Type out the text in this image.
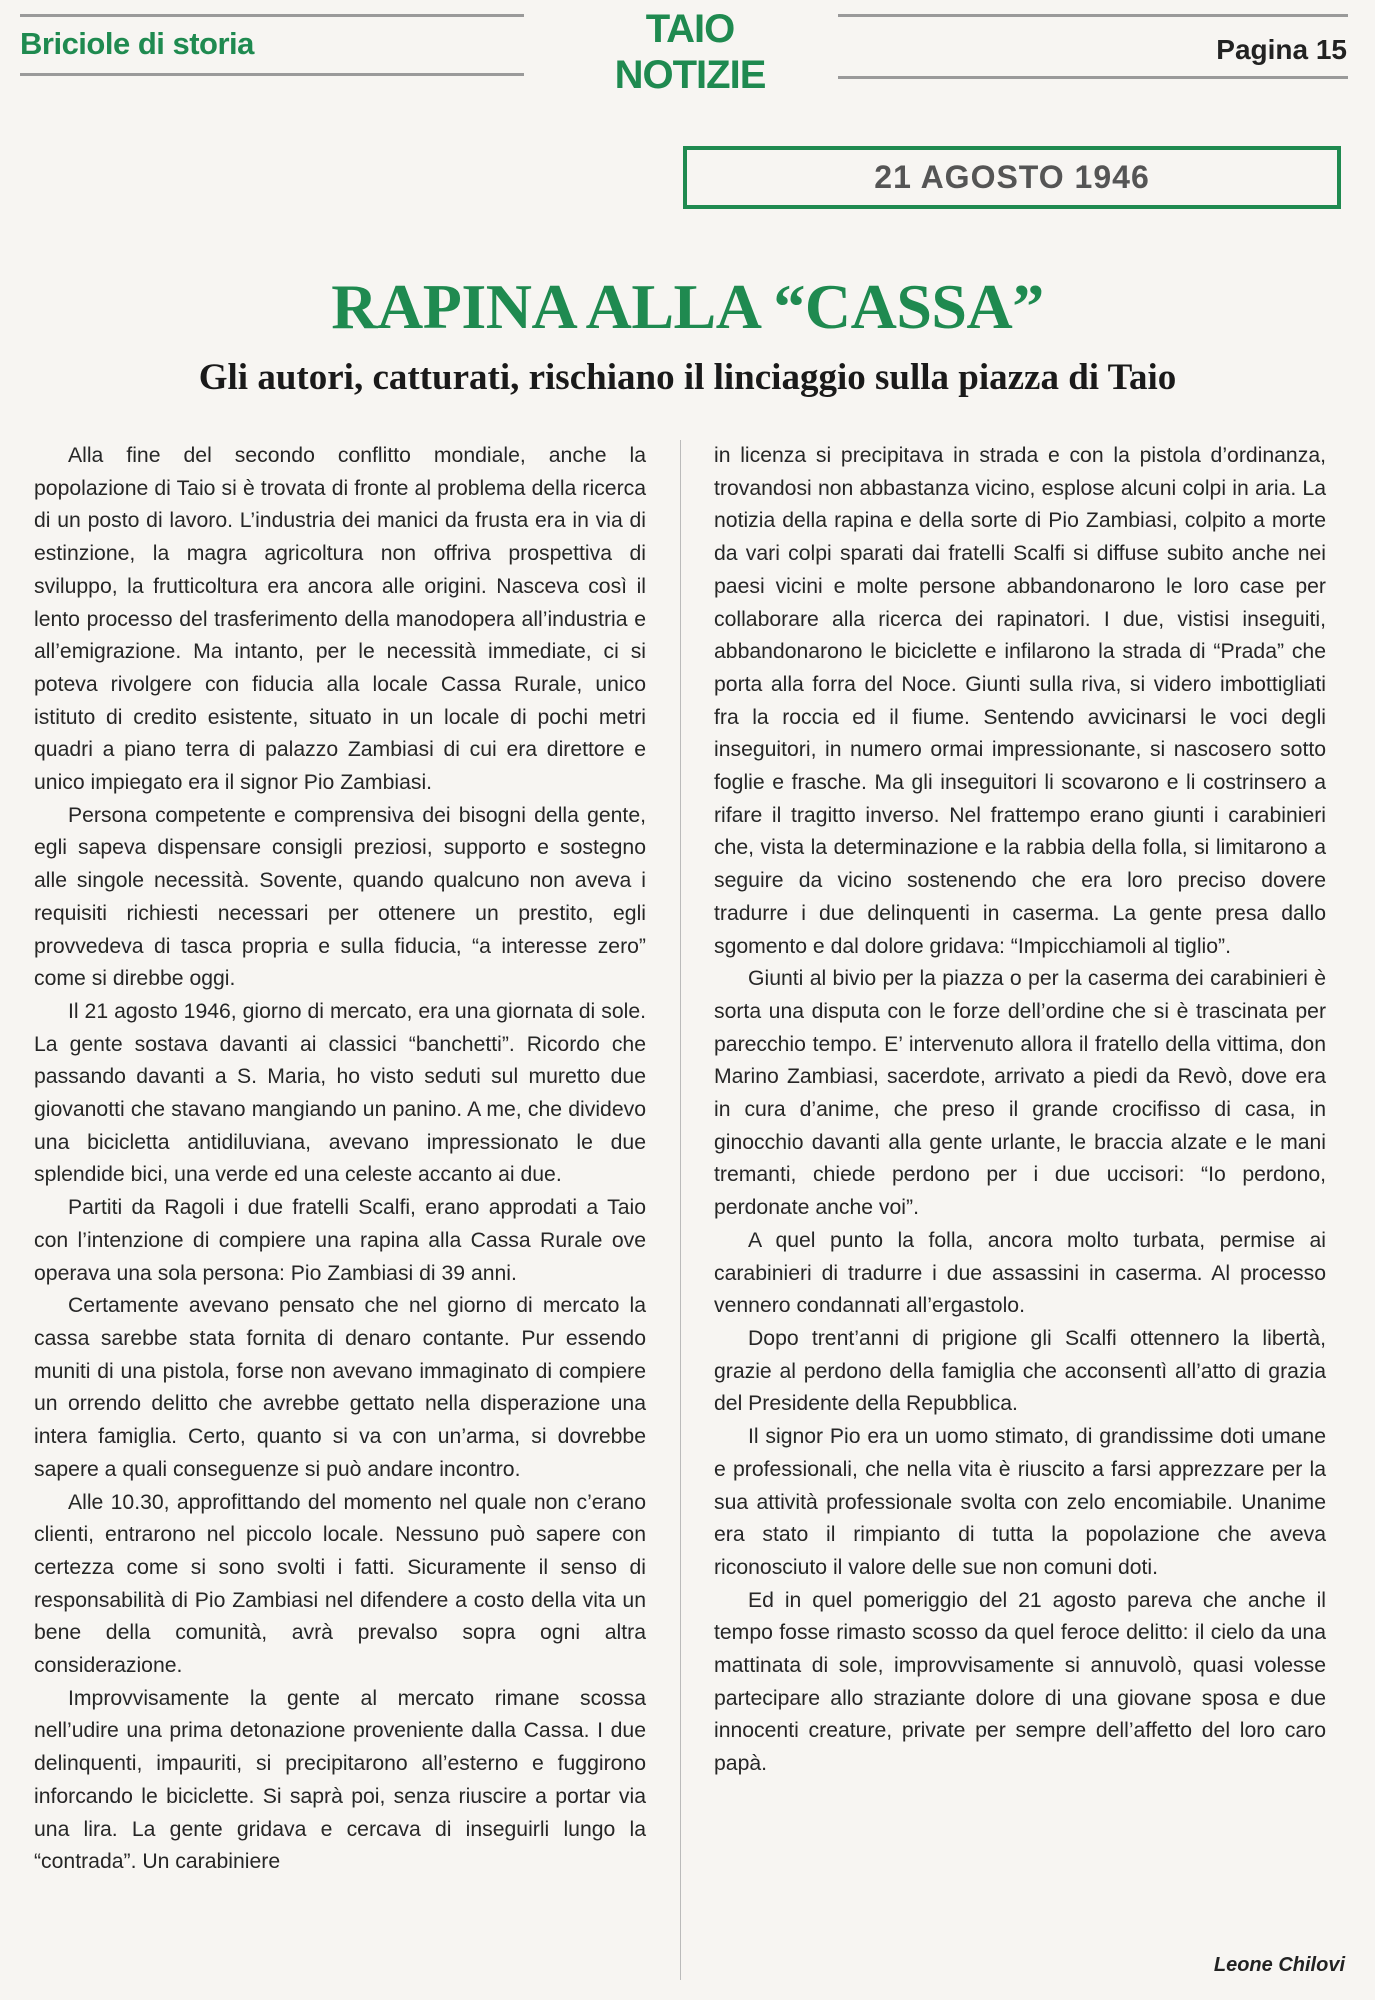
Briciole di storia	TAIO
NOTIZIE
Pagina 15
21 AGOSTO 1946
RAPINA ALLA “CASSA”
Gli autori, catturati, rischiano il linciaggio sulla piazza di Taio

Alla fine del secondo conflitto mondiale, anche la popolazione di Taio si è trovata di fronte al problema della ricerca di un posto di lavoro. L’industria dei manici da frusta era in via di estinzione, la magra agricoltura non offriva prospettiva di sviluppo, la frutticoltura era ancora alle origini. Nasceva così il lento processo del trasferimento della manodopera all’industria e all’emigrazione. Ma intanto, per le necessità immediate, ci si poteva rivolgere con fiducia alla locale Cassa Rurale, unico istituto di credito esistente, situato in un locale di pochi metri quadri a piano terra di palazzo Zambiasi di cui era direttore e unico impiegato era il signor Pio Zambiasi.

Persona competente e comprensiva dei bisogni della gente, egli sapeva dispensare consigli preziosi, supporto e sostegno alle singole necessità. Sovente, quando qualcuno non aveva i requisiti richiesti necessari per ottenere un prestito, egli provvedeva di tasca propria e sulla fiducia, “a interesse zero” come si direbbe oggi.

Il 21 agosto 1946, giorno di mercato, era una giornata di sole. La gente sostava davanti ai classici “banchetti”. Ricordo che passando davanti a S. Maria, ho visto seduti sul muretto due giovanotti che stavano mangiando un panino. A me, che dividevo una bicicletta antidiluviana, avevano impressionato le due splendide bici, una verde ed una celeste accanto ai due.

Partiti da Ragoli i due fratelli Scalfi, erano approdati a Taio con l’intenzione di compiere una rapina alla Cassa Rurale ove operava una sola persona: Pio Zambiasi di 39 anni.

Certamente avevano pensato che nel giorno di mercato la cassa sarebbe stata fornita di denaro contante. Pur essendo muniti di una pistola, forse non avevano immaginato di compiere un orrendo delitto che avrebbe gettato nella disperazione una intera famiglia. Certo, quanto si va con un’arma, si dovrebbe sapere a quali conseguenze si può andare incontro.

Alle 10.30, approfittando del momento nel quale non c’erano clienti, entrarono nel piccolo locale. Nessuno può sapere con certezza come si sono svolti i fatti. Sicuramente il senso di responsabilità di Pio Zambiasi nel difendere a costo della vita un bene della comunità, avrà prevalso sopra ogni altra considerazione.

Improvvisamente la gente al mercato rimane scossa nell’udire una prima detonazione proveniente dalla Cassa. I due delinquenti, impauriti, si precipitarono all’esterno e fuggirono inforcando le biciclette. Si saprà poi, senza riuscire a portar via una lira. La gente gridava e cercava di inseguirli lungo la “contrada”. Un carabiniere

in licenza si precipitava in strada e con la pistola d’ordinanza, trovandosi non abbastanza vicino, esplose alcuni colpi in aria. La notizia della rapina e della sorte di Pio Zambiasi, colpito a morte da vari colpi sparati dai fratelli Scalfi si diffuse subito anche nei paesi vicini e molte persone abbandonarono le loro case per collaborare alla ricerca dei rapinatori. I due, vistisi inseguiti, abbandonarono le biciclette e infilarono la strada di “Prada” che porta alla forra del Noce. Giunti sulla riva, si videro imbottigliati fra la roccia ed il fiume. Sentendo avvicinarsi le voci degli inseguitori, in numero ormai impressionante, si nascosero sotto foglie e frasche. Ma gli inseguitori li scovarono e li costrinsero a rifare il tragitto inverso. Nel frattempo erano giunti i carabinieri che, vista la determinazione e la rabbia della folla, si limitarono a seguire da vicino sostenendo che era loro preciso dovere tradurre i due delinquenti in caserma. La gente presa dallo sgomento e dal dolore gridava: “Impicchiamoli al tiglio”.

Giunti al bivio per la piazza o per la caserma dei carabinieri è sorta una disputa con le forze dell’ordine che si è trascinata per parecchio tempo. E’ intervenuto allora il fratello della vittima, don Marino Zambiasi, sacerdote, arrivato a piedi da Revò, dove era in cura d’anime, che preso il grande crocifisso di casa, in ginocchio davanti alla gente urlante, le braccia alzate e le mani tremanti, chiede perdono per i due uccisori: “Io perdono, perdonate anche voi”.

A quel punto la folla, ancora molto turbata, permise ai carabinieri di tradurre i due assassini in caserma. Al processo vennero condannati all’ergastolo.

Dopo trent’anni di prigione gli Scalfi ottennero la libertà, grazie al perdono della famiglia che acconsentì all’atto di grazia del Presidente della Repubblica.

Il signor Pio era un uomo stimato, di grandissime doti umane e professionali, che nella vita è riuscito a farsi apprezzare per la sua attività professionale svolta con zelo encomiabile. Unanime era stato il rimpianto di tutta la popolazione che aveva riconosciuto il valore delle sue non comuni doti.

Ed in quel pomeriggio del 21 agosto pareva che anche il tempo fosse rimasto scosso da quel feroce delitto: il cielo da una mattinata di sole, improvvisamente si annuvolò, quasi volesse partecipare allo straziante dolore di una giovane sposa e due innocenti creature, private per sempre dell’affetto del loro caro papà.

Leone Chilovi
